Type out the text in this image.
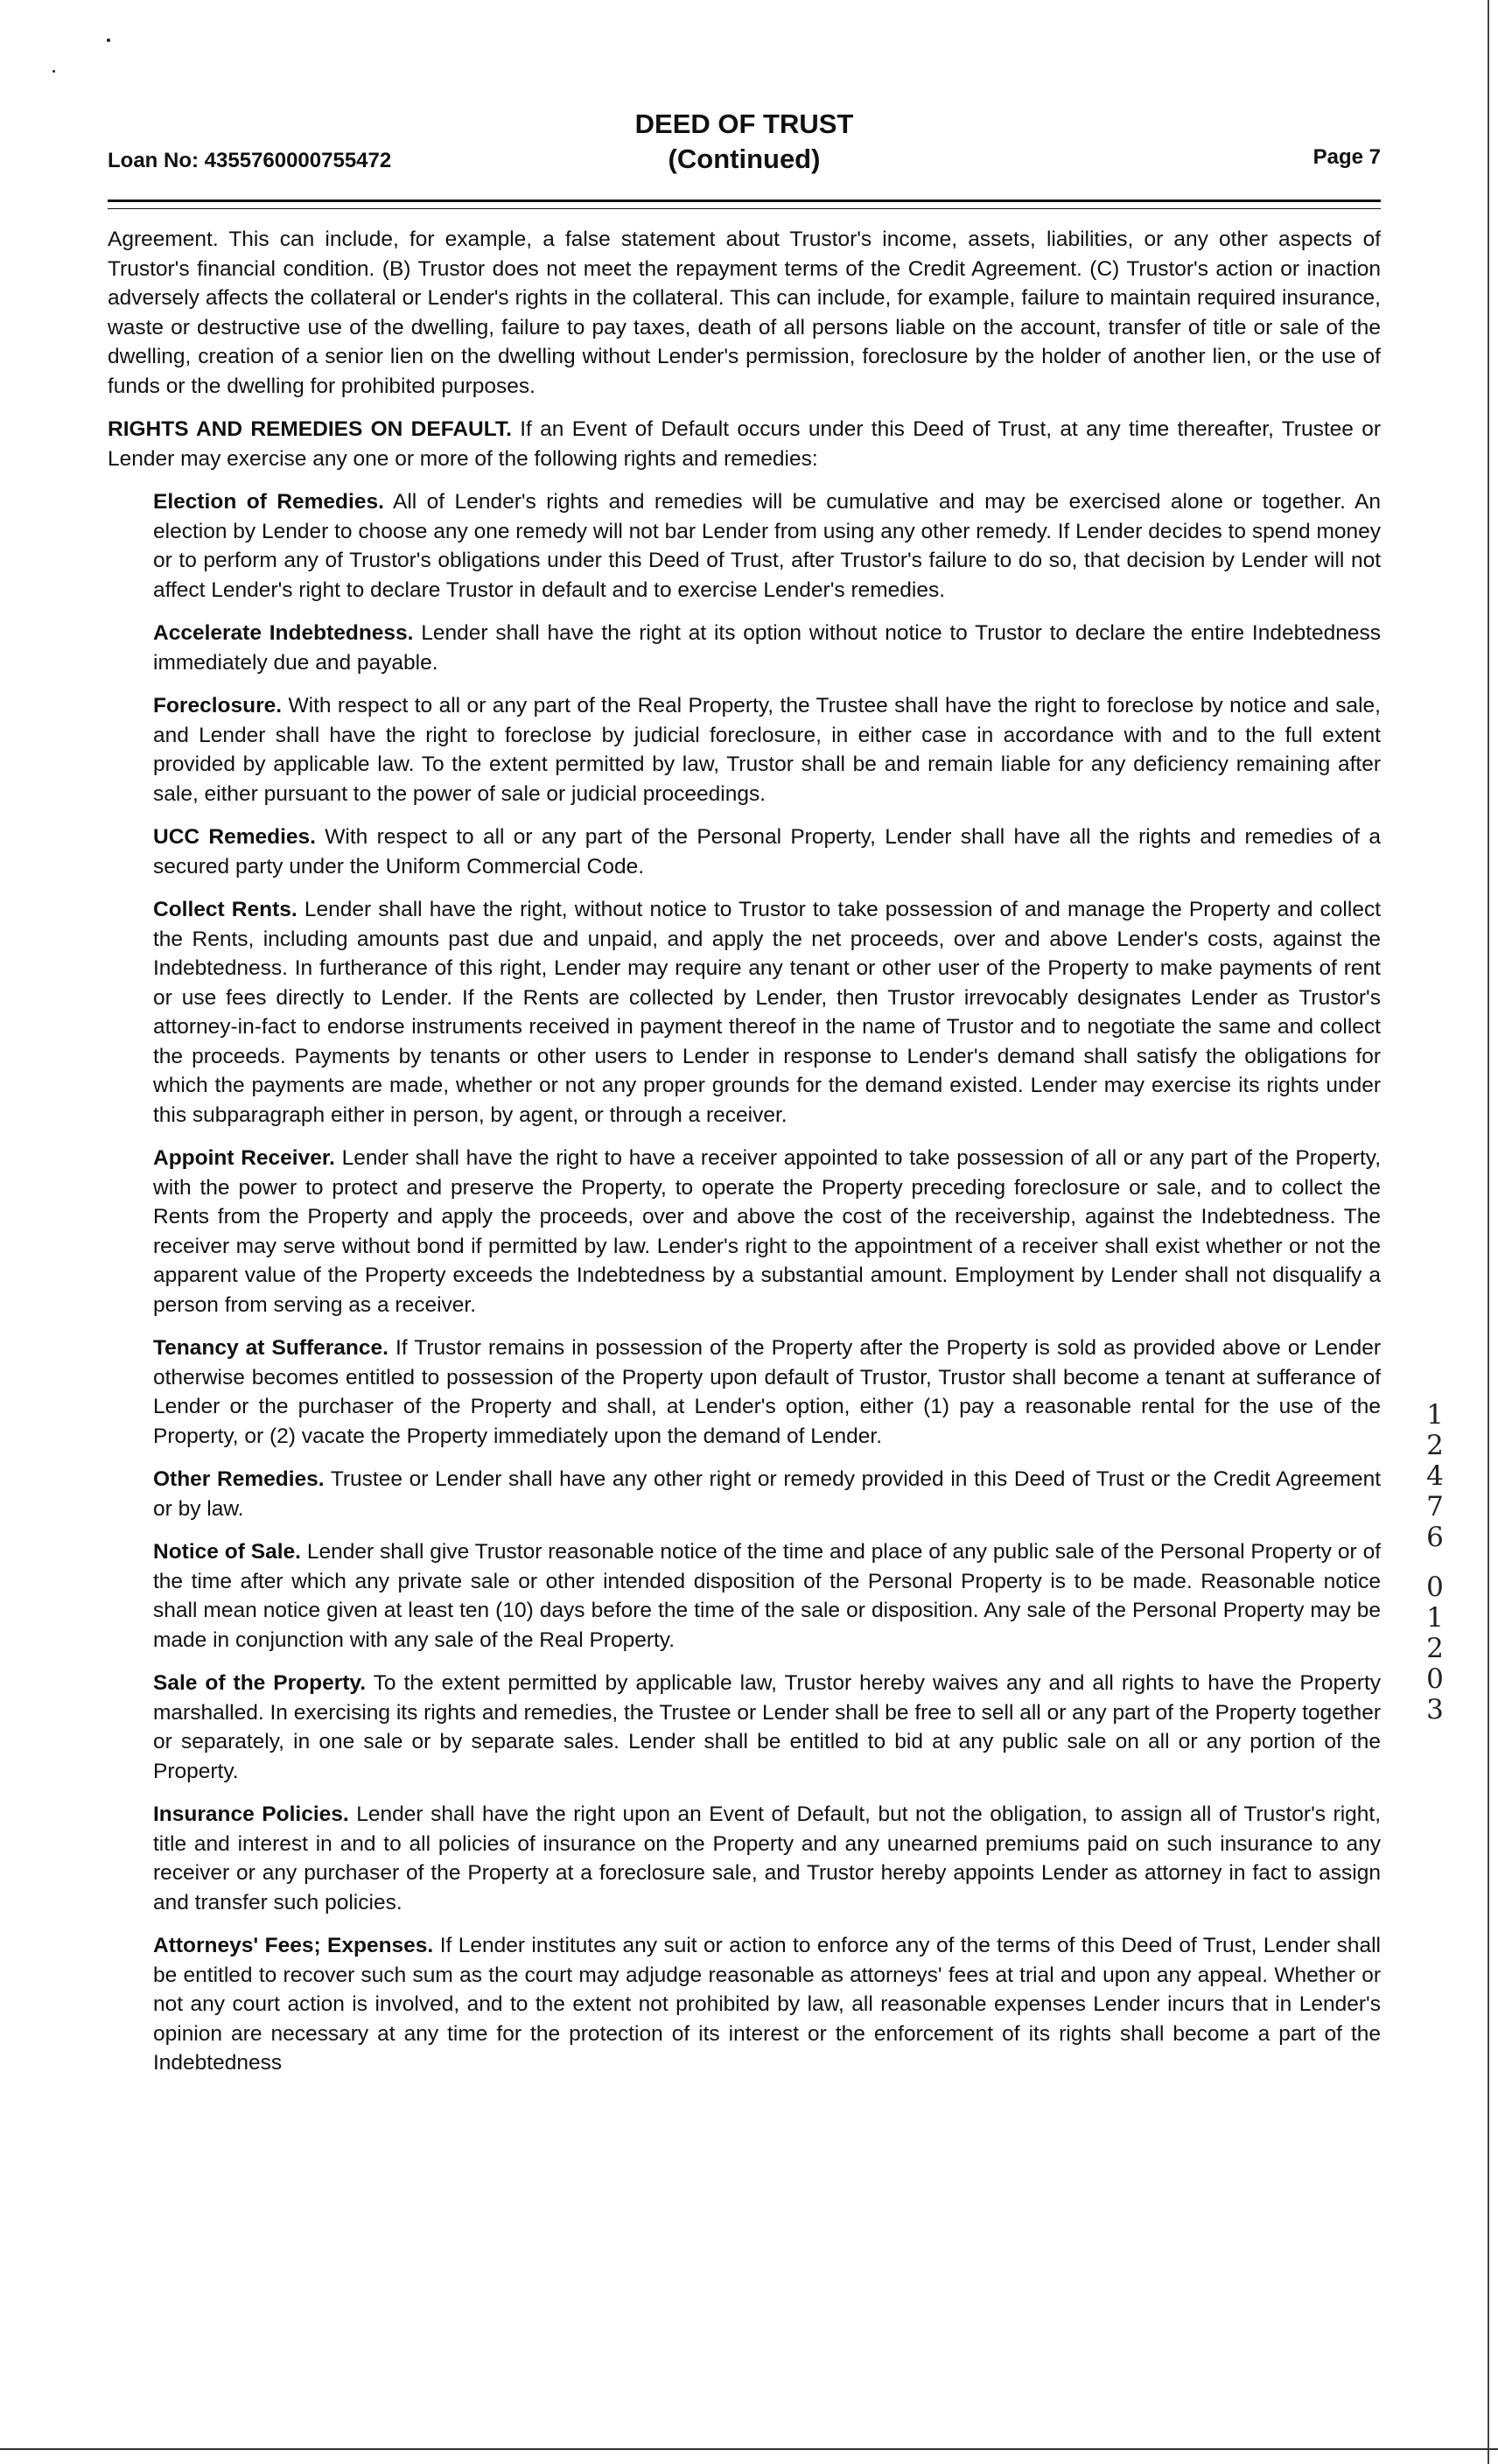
Loan No: 4355760000755472
DEED OF TRUST
(Continued)	Page 7

Agreement. This can include, for example, a false statement about Trustor's income, assets, liabilities, or any other aspects of Trustor's financial condition. (B) Trustor does not meet the repayment terms of the Credit Agreement. (C) Trustor's action or inaction adversely affects the collateral or Lender's rights in the collateral. This can include, for example, failure to maintain required insurance, waste or destructive use of the dwelling, failure to pay taxes, death of all persons liable on the account, transfer of title or sale of the dwelling, creation of a senior lien on the dwelling without Lender's permission, foreclosure by the holder of another lien, or the use of funds or the dwelling for prohibited purposes.

RIGHTS AND REMEDIES ON DEFAULT. If an Event of Default occurs under this Deed of Trust, at any time thereafter, Trustee or Lender may exercise any one or more of the following rights and remedies:

Election of Remedies. All of Lender's rights and remedies will be cumulative and may be exercised alone or together. An election by Lender to choose any one remedy will not bar Lender from using any other remedy. If Lender decides to spend money or to perform any of Trustor's obligations under this Deed of Trust, after Trustor's failure to do so, that decision by Lender will not affect Lender's right to declare Trustor in default and to exercise Lender's remedies.

Accelerate Indebtedness. Lender shall have the right at its option without notice to Trustor to declare the entire Indebtedness immediately due and payable.

Foreclosure. With respect to all or any part of the Real Property, the Trustee shall have the right to foreclose by notice and sale, and Lender shall have the right to foreclose by judicial foreclosure, in either case in accordance with and to the full extent provided by applicable law. To the extent permitted by law, Trustor shall be and remain liable for any deficiency remaining after sale, either pursuant to the power of sale or judicial proceedings.

UCC Remedies. With respect to all or any part of the Personal Property, Lender shall have all the rights and remedies of a secured party under the Uniform Commercial Code.

Collect Rents. Lender shall have the right, without notice to Trustor to take possession of and manage the Property and collect the Rents, including amounts past due and unpaid, and apply the net proceeds, over and above Lender's costs, against the Indebtedness. In furtherance of this right, Lender may require any tenant or other user of the Property to make payments of rent or use fees directly to Lender. If the Rents are collected by Lender, then Trustor irrevocably designates Lender as Trustor's attorney-in-fact to endorse instruments received in payment thereof in the name of Trustor and to negotiate the same and collect the proceeds. Payments by tenants or other users to Lender in response to Lender's demand shall satisfy the obligations for which the payments are made, whether or not any proper grounds for the demand existed. Lender may exercise its rights under this subparagraph either in person, by agent, or through a receiver.

Appoint Receiver. Lender shall have the right to have a receiver appointed to take possession of all or any part of the Property, with the power to protect and preserve the Property, to operate the Property preceding foreclosure or sale, and to collect the Rents from the Property and apply the proceeds, over and above the cost of the receivership, against the Indebtedness. The receiver may serve without bond if permitted by law. Lender's right to the appointment of a receiver shall exist whether or not the apparent value of the Property exceeds the Indebtedness by a substantial amount. Employment by Lender shall not disqualify a person from serving as a receiver.

Tenancy at Sufferance. If Trustor remains in possession of the Property after the Property is sold as provided above or Lender otherwise becomes entitled to possession of the Property upon default of Trustor, Trustor shall become a tenant at sufferance of Lender or the purchaser of the Property and shall, at Lender's option, either (1) pay a reasonable rental for the use of the Property, or (2) vacate the Property immediately upon the demand of Lender.

Other Remedies. Trustee or Lender shall have any other right or remedy provided in this Deed of Trust or the Credit Agreement or by law.

Notice of Sale. Lender shall give Trustor reasonable notice of the time and place of any public sale of the Personal Property or of the time after which any private sale or other intended disposition of the Personal Property is to be made. Reasonable notice shall mean notice given at least ten (10) days before the time of the sale or disposition. Any sale of the Personal Property may be made in conjunction with any sale of the Real Property.

Sale of the Property. To the extent permitted by applicable law, Trustor hereby waives any and all rights to have the Property marshalled. In exercising its rights and remedies, the Trustee or Lender shall be free to sell all or any part of the Property together or separately, in one sale or by separate sales. Lender shall be entitled to bid at any public sale on all or any portion of the Property.

Insurance Policies. Lender shall have the right upon an Event of Default, but not the obligation, to assign all of Trustor's right, title and interest in and to all policies of insurance on the Property and any unearned premiums paid on such insurance to any receiver or any purchaser of the Property at a foreclosure sale, and Trustor hereby appoints Lender as attorney in fact to assign and transfer such policies.

Attorneys' Fees; Expenses. If Lender institutes any suit or action to enforce any of the terms of this Deed of Trust, Lender shall be entitled to recover such sum as the court may adjudge reasonable as attorneys' fees at trial and upon any appeal. Whether or not any court action is involved, and to the extent not prohibited by law, all reasonable expenses Lender incurs that in Lender's opinion are necessary at any time for the protection of its interest or the enforcement of its rights shall become a part of the Indebtedness

1
2
4
7
6
0
1
2
0
3
